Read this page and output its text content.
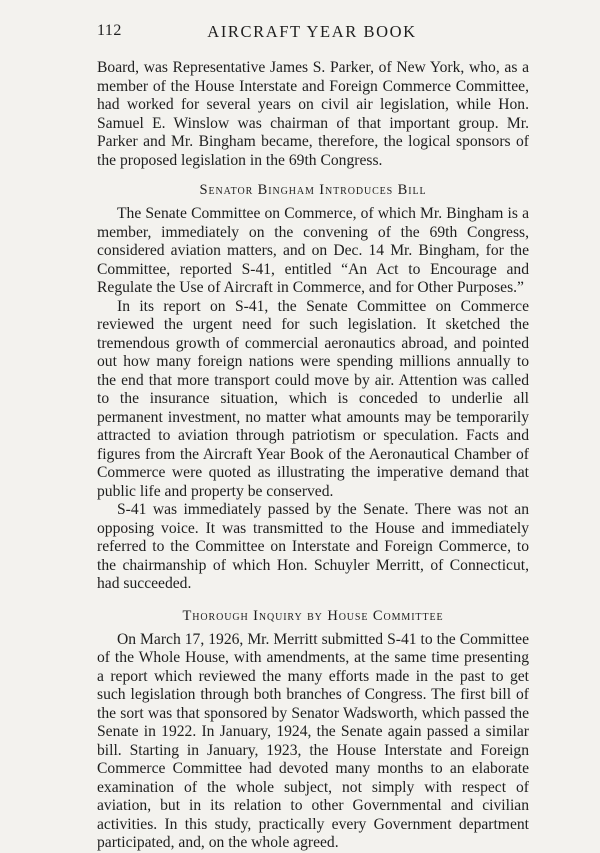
112	AIRCRAFT YEAR BOOK

Board, was Representative James S. Parker, of New York, who, as a member of the House Interstate and Foreign Commerce Committee, had worked for several years on civil air legislation, while Hon. Samuel E. Winslow was chairman of that important group. Mr. Parker and Mr. Bingham became, therefore, the logical sponsors of the proposed legislation in the 69th Congress.

Senator Bingham Introduces Bill

The Senate Committee on Commerce, of which Mr. Bingham is a member, immediately on the convening of the 69th Congress, considered aviation matters, and on Dec. 14 Mr. Bingham, for the Committee, reported S-41, entitled “An Act to Encourage and Regulate the Use of Aircraft in Commerce, and for Other Purposes.”

In its report on S-41, the Senate Committee on Commerce reviewed the urgent need for such legislation. It sketched the tremendous growth of commercial aeronautics abroad, and pointed out how many foreign nations were spending millions annually to the end that more transport could move by air. Attention was called to the insurance situation, which is conceded to underlie all permanent investment, no matter what amounts may be temporarily attracted to aviation through patriotism or speculation. Facts and figures from the Aircraft Year Book of the Aeronautical Chamber of Commerce were quoted as illustrating the imperative demand that public life and property be conserved.

S-41 was immediately passed by the Senate. There was not an opposing voice. It was transmitted to the House and immediately referred to the Committee on Interstate and Foreign Commerce, to the chairmanship of which Hon. Schuyler Merritt, of Connecticut, had succeeded.

Thorough Inquiry by House Committee

On March 17, 1926, Mr. Merritt submitted S-41 to the Committee of the Whole House, with amendments, at the same time presenting a report which reviewed the many efforts made in the past to get such legislation through both branches of Congress. The first bill of the sort was that sponsored by Senator Wadsworth, which passed the Senate in 1922. In January, 1924, the Senate again passed a similar bill. Starting in January, 1923, the House Interstate and Foreign Commerce Committee had devoted many months to an elaborate examination of the whole subject, not simply with respect of aviation, but in its relation to other Governmental and civilian activities. In this study, practically every Government department participated, and, on the whole agreed.
